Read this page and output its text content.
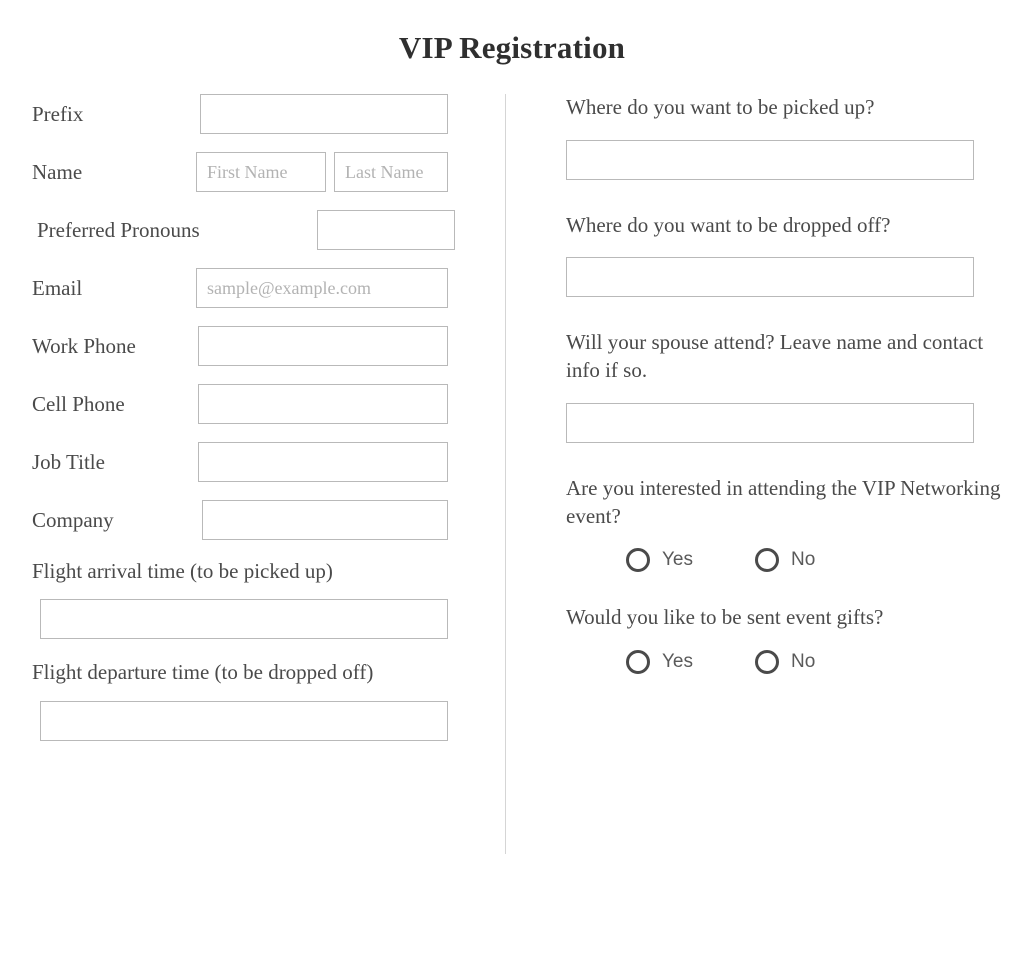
VIP Registration
Prefix
Name
First Name
Last Name
Preferred Pronouns
Email
sample@example.com
Work Phone
Cell Phone
Job Title
Company
Flight arrival time (to be picked up)
Flight departure time (to be dropped off)
Where do you want to be picked up?
Where do you want to be dropped off?
Will your spouse attend? Leave name and contact info if so.
Are you interested in attending the VIP Networking event?
Yes	No
Would you like to be sent event gifts?
Yes	No
